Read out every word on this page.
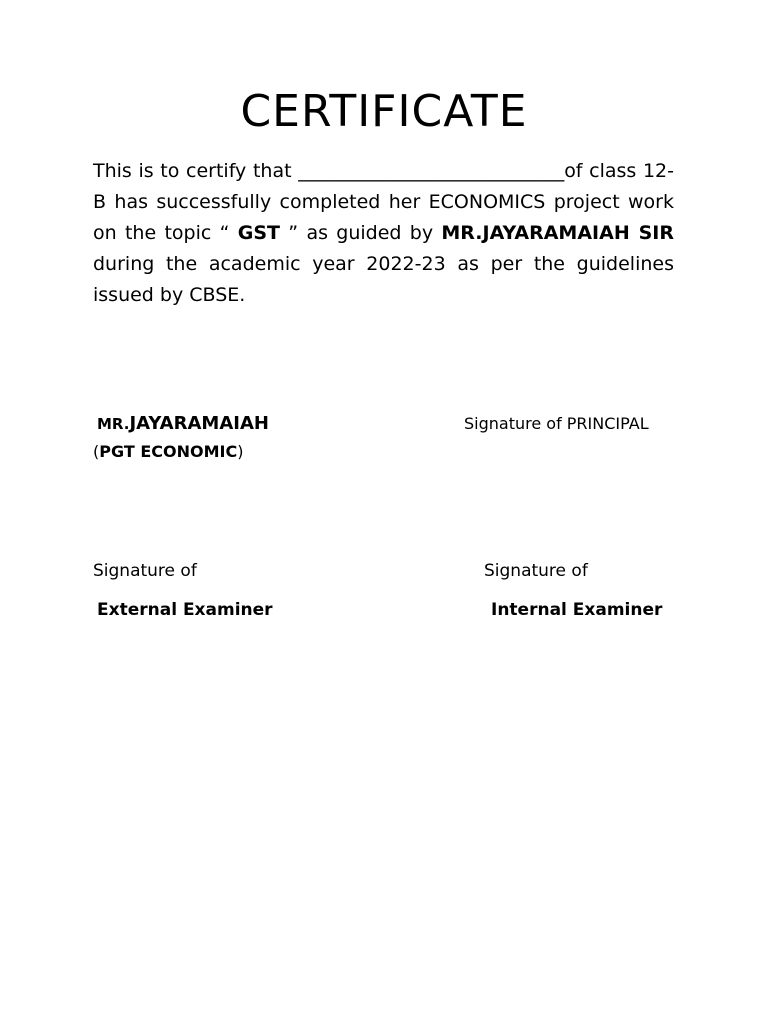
CERTIFICATE
This is to certify that ____________________________of class 12-B has successfully completed her ECONOMICS project work on the topic “ GST ” as guided by MR.JAYARAMAIAH SIR during the academic year 2022-23 as per the guidelines issued by CBSE.
MR.JAYARAMAIAH
(PGT ECONOMIC)
Signature of PRINCIPAL
Signature of	Signature of
External Examiner	Internal Examiner
